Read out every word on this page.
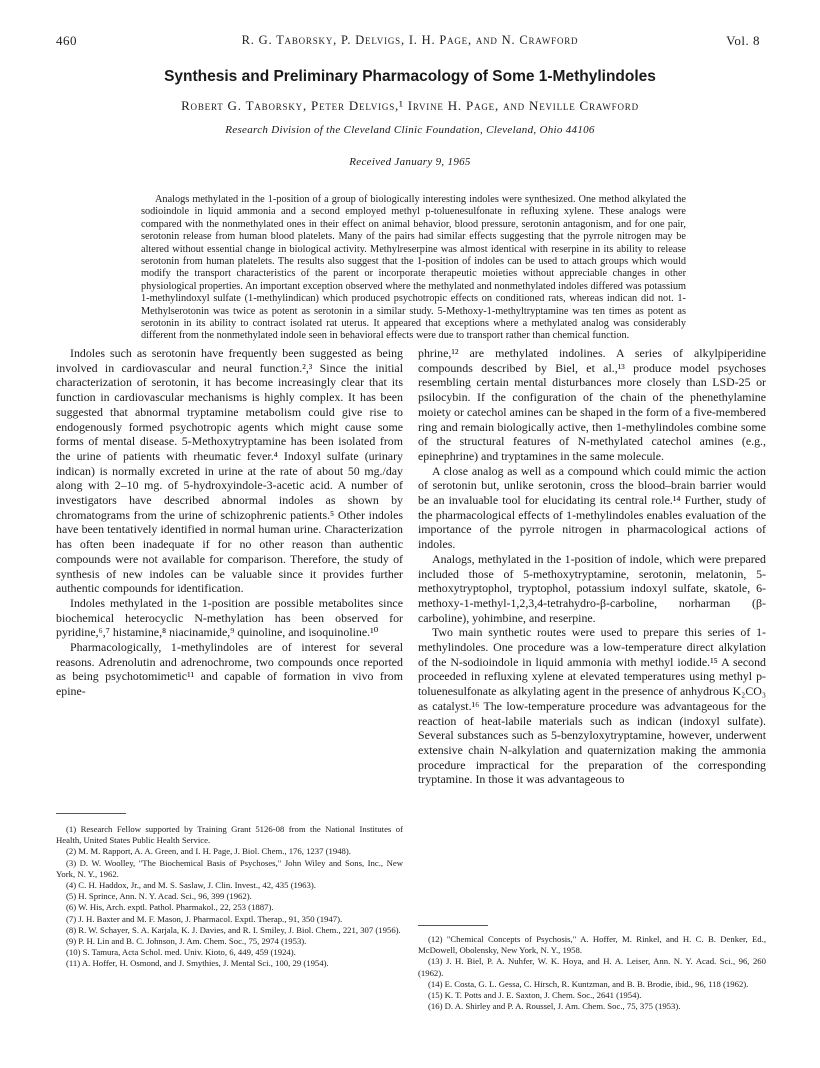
460	R. G. Taborsky, P. Delvigs, I. H. Page, and N. Crawford	Vol. 8
Synthesis and Preliminary Pharmacology of Some 1-Methylindoles
Robert G. Taborsky, Peter Delvigs,¹ Irvine H. Page, and Neville Crawford
Research Division of the Cleveland Clinic Foundation, Cleveland, Ohio 44106
Received January 9, 1965

Analogs methylated in the 1-position of a group of biologically interesting indoles were synthesized. One method alkylated the sodioindole in liquid ammonia and a second employed methyl p-toluenesulfonate in refluxing xylene. These analogs were compared with the nonmethylated ones in their effect on animal behavior, blood pressure, serotonin antagonism, and for one pair, serotonin release from human blood platelets. Many of the pairs had similar effects suggesting that the pyrrole nitrogen may be altered without essential change in biological activity. Methylreserpine was almost identical with reserpine in its ability to release serotonin from human platelets. The results also suggest that the 1-position of indoles can be used to attach groups which would modify the transport characteristics of the parent or incorporate therapeutic moieties without appreciable changes in other physiological properties. An important exception observed where the methylated and nonmethylated indoles differed was potassium 1-methylindoxyl sulfate (1-methylindican) which produced psychotropic effects on conditioned rats, whereas indican did not. 1-Methylserotonin was twice as potent as serotonin in a similar study. 5-Methoxy-1-methyltryptamine was ten times as potent as serotonin in its ability to contract isolated rat uterus. It appeared that exceptions where a methylated analog was considerably different from the nonmethylated indole seen in behavioral effects were due to transport rather than chemical function.

Indoles such as serotonin have frequently been suggested as being involved in cardiovascular and neural function.²,³ Since the initial characterization of serotonin, it has become increasingly clear that its function in cardiovascular mechanisms is highly complex. It has been suggested that abnormal tryptamine metabolism could give rise to endogenously formed psychotropic agents which might cause some forms of mental disease. 5-Methoxytryptamine has been isolated from the urine of patients with rheumatic fever.⁴ Indoxyl sulfate (urinary indican) is normally excreted in urine at the rate of about 50 mg./day along with 2–10 mg. of 5-hydroxyindole-3-acetic acid. A number of investigators have described abnormal indoles as shown by chromatograms from the urine of schizophrenic patients.⁵ Other indoles have been tentatively identified in normal human urine. Characterization has often been inadequate if for no other reason than authentic compounds were not available for comparison. Therefore, the study of synthesis of new indoles can be valuable since it provides further authentic compounds for identification.

Indoles methylated in the 1-position are possible metabolites since biochemical heterocyclic N-methylation has been observed for pyridine,⁶,⁷ histamine,⁸ niacinamide,⁹ quinoline, and isoquinoline.¹⁰

Pharmacologically, 1-methylindoles are of interest for several reasons. Adrenolutin and adrenochrome, two compounds once reported as being psychotomimetic¹¹ and capable of formation in vivo from epine-

phrine,¹² are methylated indolines. A series of alkylpiperidine compounds described by Biel, et al.,¹³ produce model psychoses resembling certain mental disturbances more closely than LSD-25 or psilocybin. If the configuration of the chain of the phenethylamine moiety or catechol amines can be shaped in the form of a five-membered ring and remain biologically active, then 1-methylindoles combine some of the structural features of N-methylated catechol amines (e.g., epinephrine) and tryptamines in the same molecule.

A close analog as well as a compound which could mimic the action of serotonin but, unlike serotonin, cross the blood–brain barrier would be an invaluable tool for elucidating its central role.¹⁴ Further, study of the pharmacological effects of 1-methylindoles enables evaluation of the importance of the pyrrole nitrogen in pharmacological actions of indoles.

Analogs, methylated in the 1-position of indole, which were prepared included those of 5-methoxytryptamine, serotonin, melatonin, 5-methoxytryptophol, tryptophol, potassium indoxyl sulfate, skatole, 6-methoxy-1-methyl-1,2,3,4-tetrahydro-β-carboline, norharman (β-carboline), yohimbine, and reserpine.

Two main synthetic routes were used to prepare this series of 1-methylindoles. One procedure was a low-temperature direct alkylation of the N-sodioindole in liquid ammonia with methyl iodide.¹⁵ A second proceeded in refluxing xylene at elevated temperatures using methyl p-toluenesulfonate as alkylating agent in the presence of anhydrous K₂CO₃ as catalyst.¹⁶ The low-temperature procedure was advantageous for the reaction of heat-labile materials such as indican (indoxyl sulfate). Several substances such as 5-benzyloxytryptamine, however, underwent extensive chain N-alkylation and quaternization making the ammonia procedure impractical for the preparation of the corresponding tryptamine. In those it was advantageous to

(1) Research Fellow supported by Training Grant 5126-08 from the National Institutes of Health, United States Public Health Service.
(2) M. M. Rapport, A. A. Green, and I. H. Page, J. Biol. Chem., 176, 1237 (1948).
(3) D. W. Woolley, "The Biochemical Basis of Psychoses," John Wiley and Sons, Inc., New York, N. Y., 1962.
(4) C. H. Haddox, Jr., and M. S. Saslaw, J. Clin. Invest., 42, 435 (1963).
(5) H. Sprince, Ann. N. Y. Acad. Sci., 96, 399 (1962).
(6) W. His, Arch. exptl. Pathol. Pharmakol., 22, 253 (1887).
(7) J. H. Baxter and M. F. Mason, J. Pharmacol. Exptl. Therap., 91, 350 (1947).
(8) R. W. Schayer, S. A. Karjala, K. J. Davies, and R. I. Smiley, J. Biol. Chem., 221, 307 (1956).
(9) P. H. Lin and B. C. Johnson, J. Am. Chem. Soc., 75, 2974 (1953).
(10) S. Tamura, Acta Schol. med. Univ. Kioto, 6, 449, 459 (1924).
(11) A. Hoffer, H. Osmond, and J. Smythies, J. Mental Sci., 100, 29 (1954).
(12) "Chemical Concepts of Psychosis," A. Hoffer, M. Rinkel, and H. C. B. Denker, Ed., McDowell, Obolensky, New York, N. Y., 1958.
(13) J. H. Biel, P. A. Nuhfer, W. K. Hoya, and H. A. Leiser, Ann. N. Y. Acad. Sci., 96, 260 (1962).
(14) E. Costa, G. L. Gessa, C. Hirsch, R. Kuntzman, and B. B. Brodie, ibid., 96, 118 (1962).
(15) K. T. Potts and J. E. Saxton, J. Chem. Soc., 2641 (1954).
(16) D. A. Shirley and P. A. Roussel, J. Am. Chem. Soc., 75, 375 (1953).
